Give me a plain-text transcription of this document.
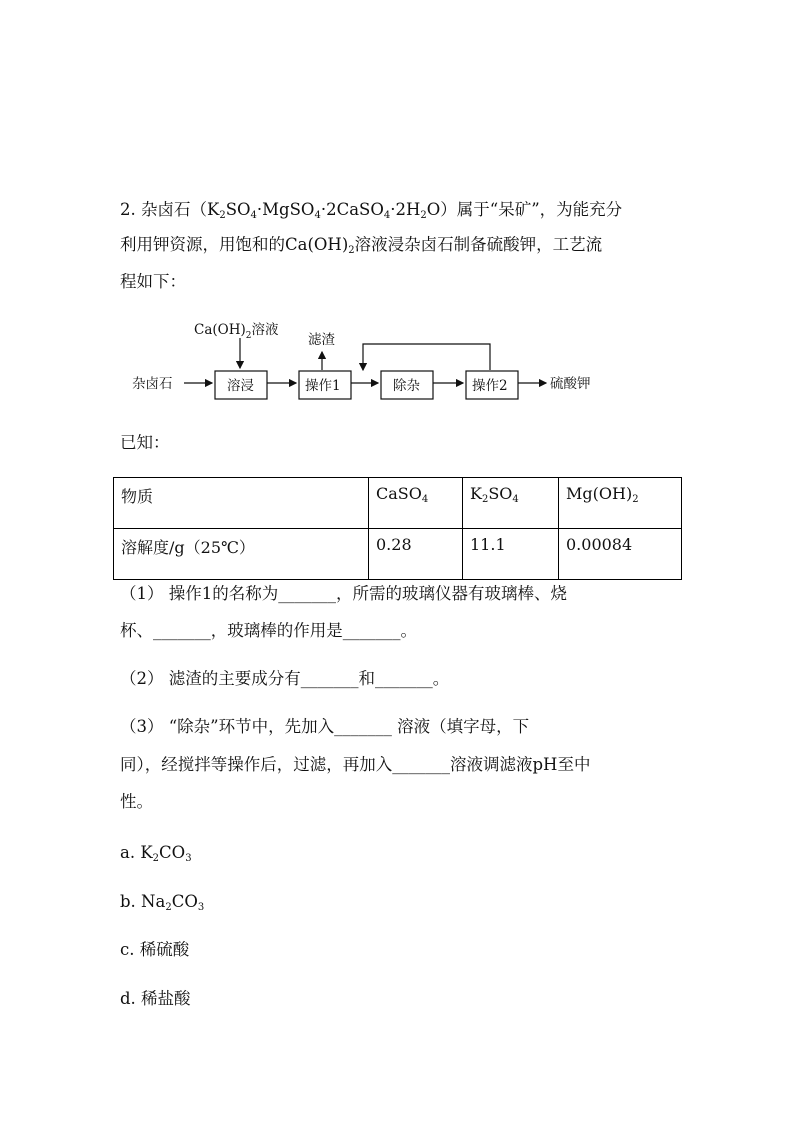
2. 杂卤石$(K_2SO_4\cdot MgSO_4\cdot 2CaSO_4\cdot 2H_2O)$属于“呆矿”，为能充分
利用钾资源，用饱和的$Ca(OH)_2$溶液浸杂卤石制备硫酸钾，工艺流
程如下：
$Ca(OH)_2$溶液
滤渣
杂卤石	溶浸	操作1	除杂	操作2	硫酸钾
已知：
物质	CaSO$_4$	$K_2SO_4$	$Mg(OH)_2$
溶解度/g（25℃）	0.28	11.1	0.00084
（1） 操作1的名称为_______，所需的玻璃仪器有玻璃棒、烧
杯、_______，玻璃棒的作用是_______。
（2） 滤渣的主要成分有_______和_______。
（3） “除杂”环节中，先加入_______ 溶液（填字母，下
同），经搅拌等操作后，过滤，再加入_______溶液调滤液pH至中
性。
a. $K_2CO_3$
b. $Na_2CO_3$
c. 稀硫酸
d. 稀盐酸
